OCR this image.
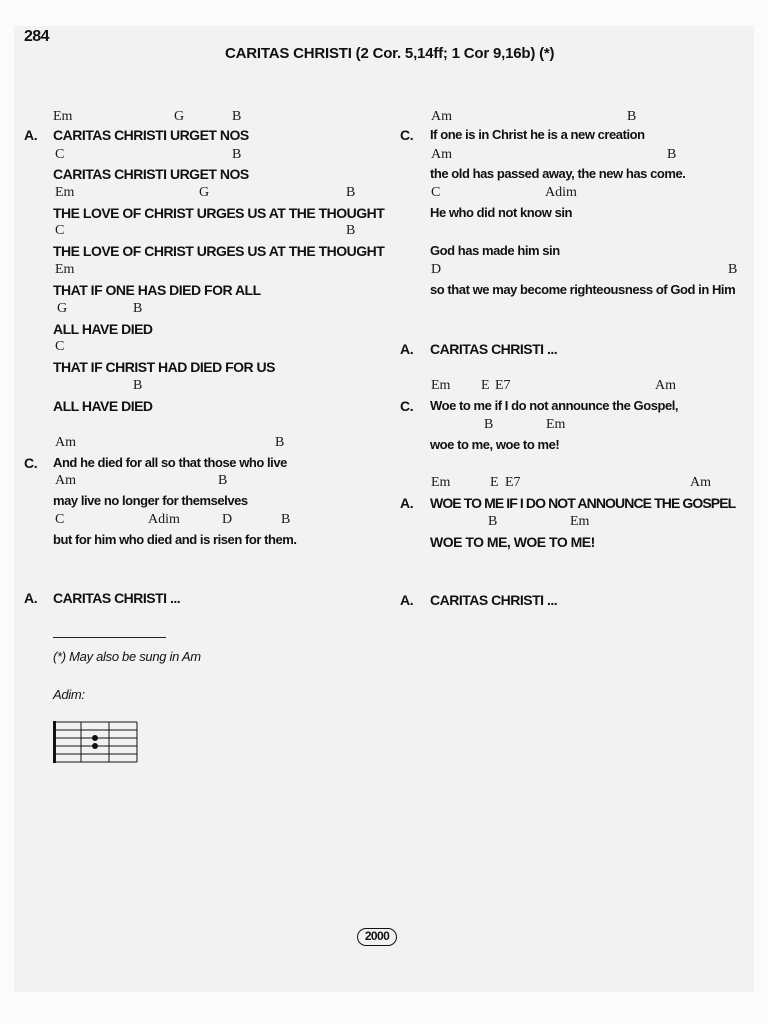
284
CARITAS CHRISTI (2 Cor. 5,14ff; 1 Cor 9,16b) (*)
A.
Em	G	B
CARITAS CHRISTI URGET NOS
C	B
CARITAS CHRISTI URGET NOS
Em	G	B
THE LOVE OF CHRIST URGES US AT THE THOUGHT
C	B
THE LOVE OF CHRIST URGES US AT THE THOUGHT
Em
THAT IF ONE HAS DIED FOR ALL
G	B
ALL HAVE DIED
C
THAT IF CHRIST HAD DIED FOR US
B
ALL HAVE DIED
C.
Am	B
And he died for all so that those who live
Am	B
may live no longer for themselves
C	Adim	D	B
but for him who died and is risen for them.
A. CARITAS CHRISTI ...
(*) May also be sung in Am
Adim:
C.
Am	B
If one is in Christ he is a new creation
Am	B
the old has passed away, the new has come.
C	Adim
He who did not know sin
God has made him sin
D	B
so that we may become righteousness of God in Him
A. CARITAS CHRISTI ...
C.
Em E E7	Am
Woe to me if I do not announce the Gospel,
B	Em
woe to me, woe to me!
A.
Em	E E7	Am
WOE TO ME IF I DO NOT ANNOUNCE THE GOSPEL
B	Em
WOE TO ME, WOE TO ME!
A. CARITAS CHRISTI ...
2000
